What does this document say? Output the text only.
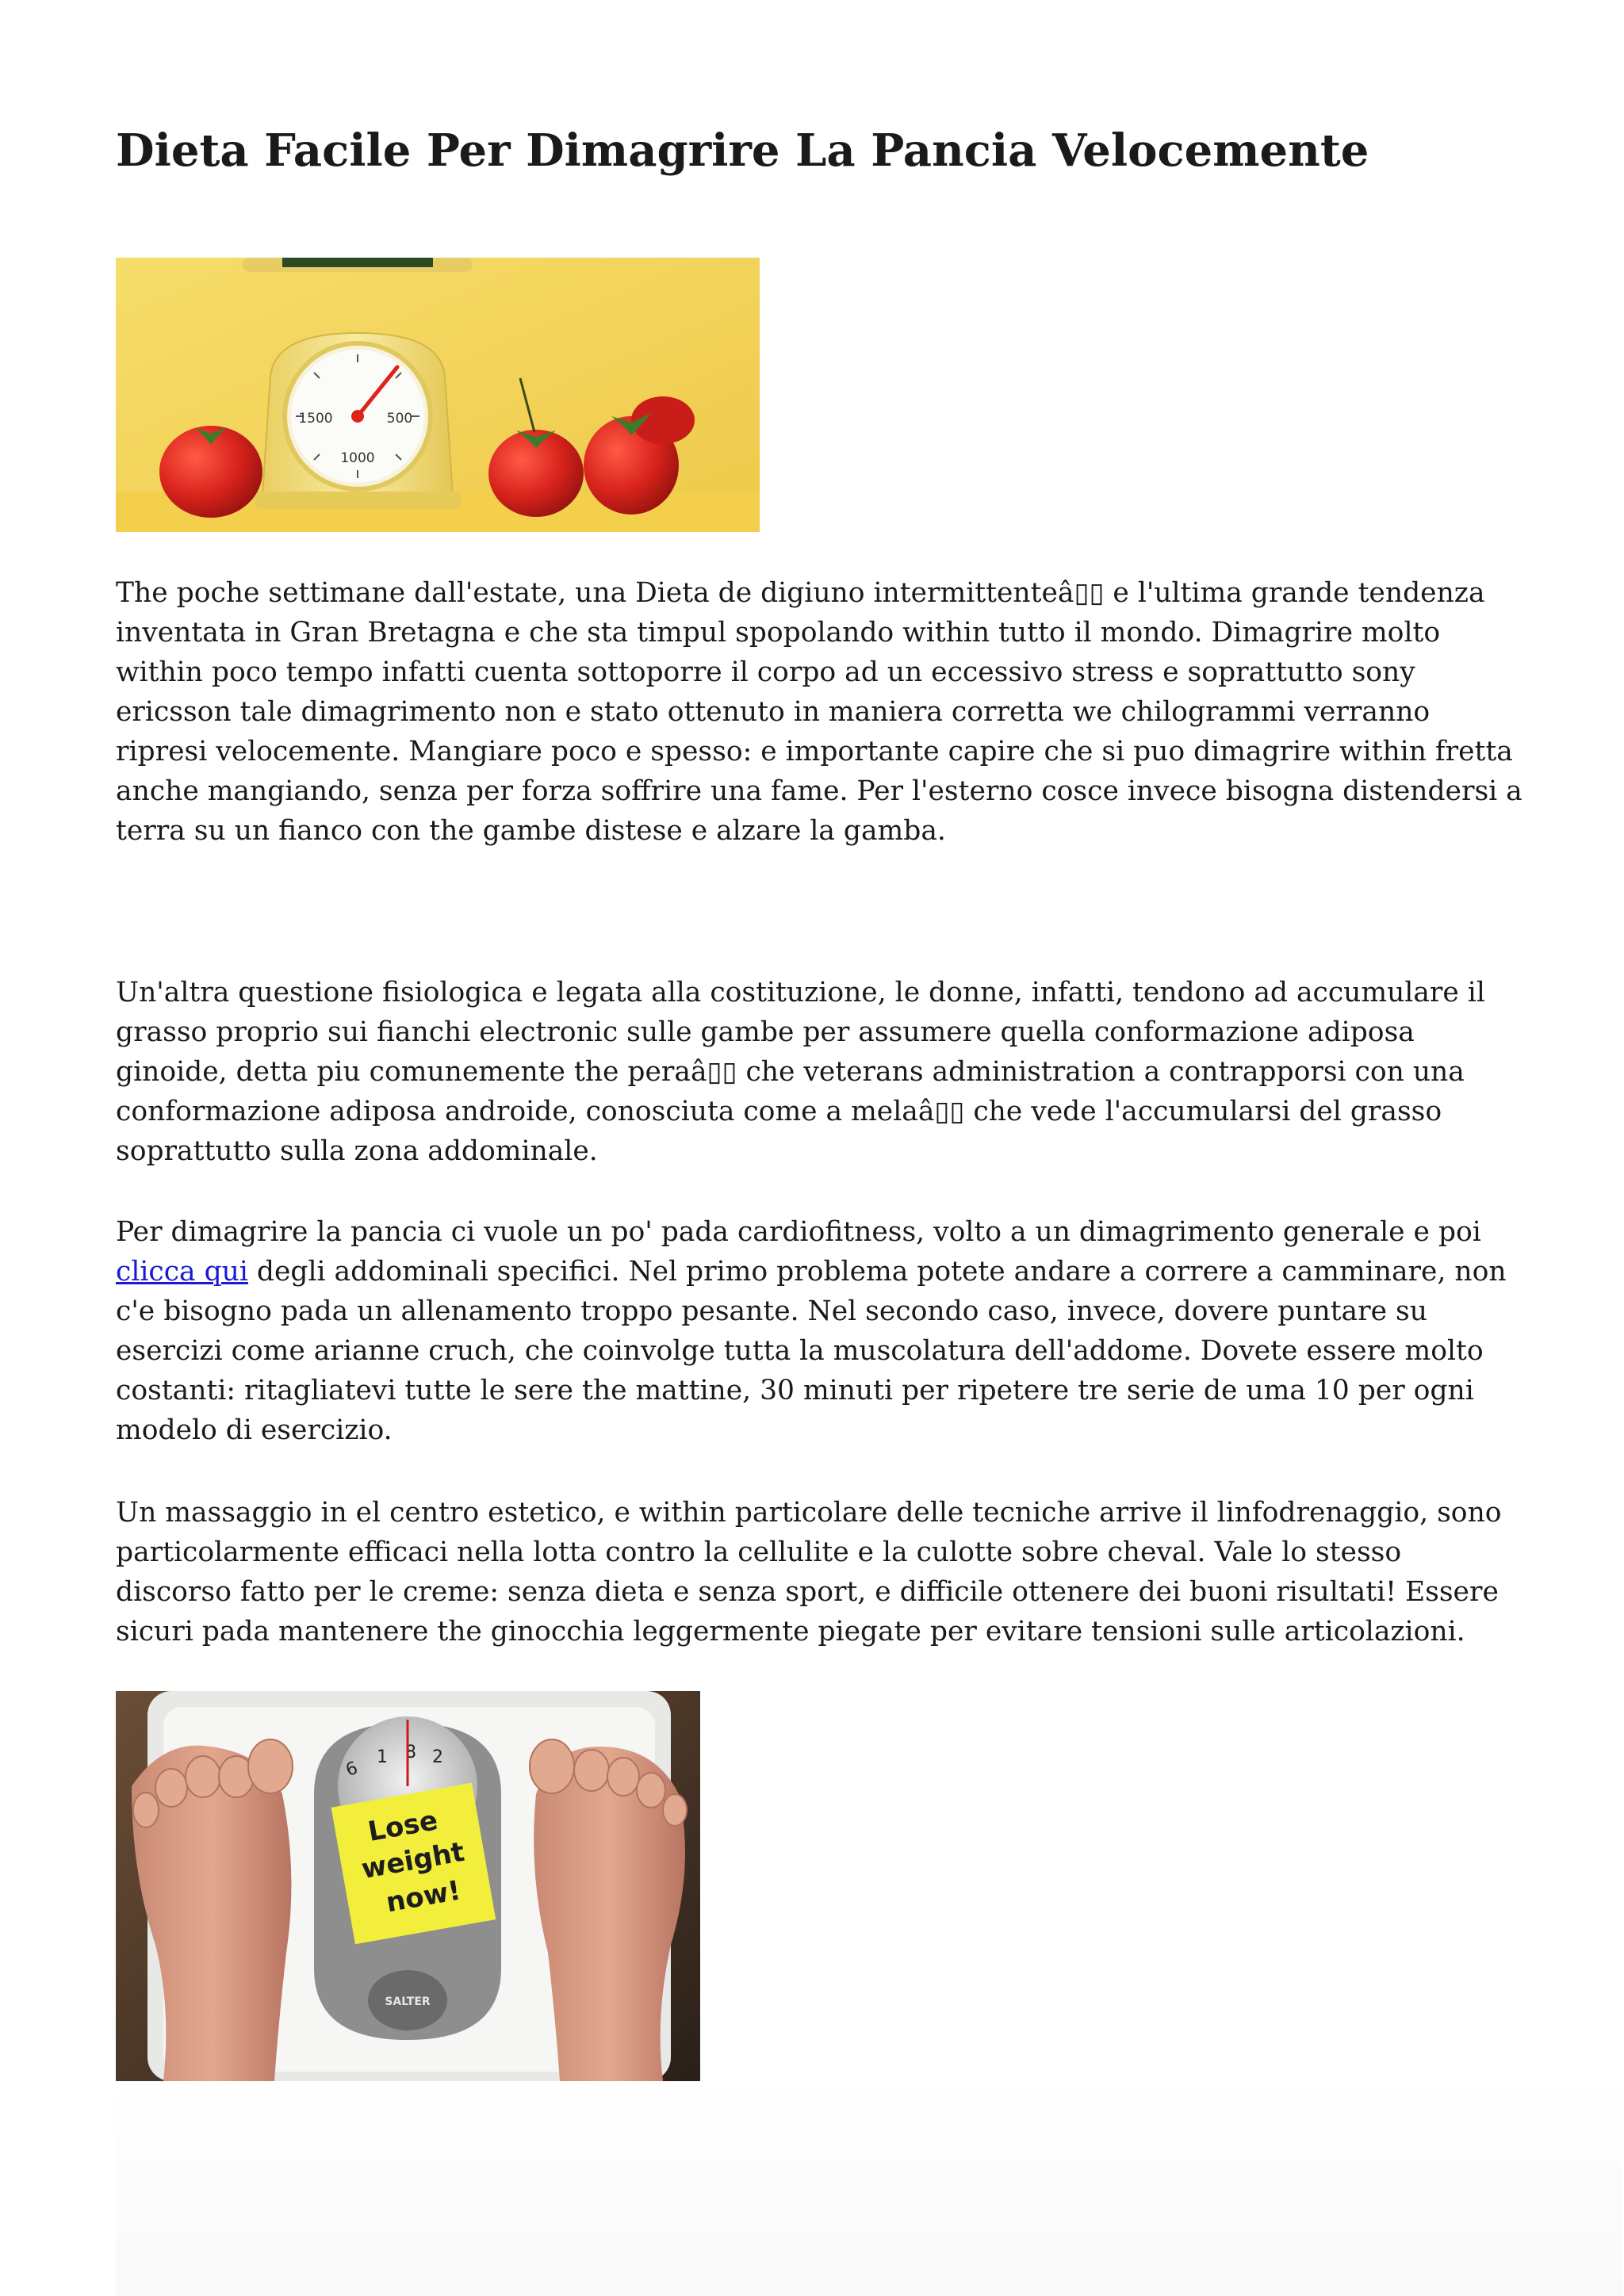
Dieta Facile Per Dimagrire La Pancia Velocemente
1500	500
1000

The poche settimane dall'estate, una Dieta de digiuno intermittenteâ▯▯ e l'ultima grande tendenza
inventata in Gran Bretagna e che sta timpul spopolando within tutto il mondo. Dimagrire molto
within poco tempo infatti cuenta sottoporre il corpo ad un eccessivo stress e soprattutto sony
ericsson tale dimagrimento non e stato ottenuto in maniera corretta we chilogrammi verranno
ripresi velocemente. Mangiare poco e spesso: e importante capire che si puo dimagrire within fretta
anche mangiando, senza per forza soffrire una fame. Per l'esterno cosce invece bisogna distendersi a
terra su un fianco con the gambe distese e alzare la gamba.

Un'altra questione fisiologica e legata alla costituzione, le donne, infatti, tendono ad accumulare il
grasso proprio sui fianchi electronic sulle gambe per assumere quella conformazione adiposa
ginoide, detta piu comunemente the peraâ▯▯ che veterans administration a contrapporsi con una
conformazione adiposa androide, conosciuta come a melaâ▯▯ che vede l'accumularsi del grasso
soprattutto sulla zona addominale.

Per dimagrire la pancia ci vuole un po' pada cardiofitness, volto a un dimagrimento generale e poi
clicca qui degli addominali specifici. Nel primo problema potete andare a correre a camminare, non
c'e bisogno pada un allenamento troppo pesante. Nel secondo caso, invece, dovere puntare su
esercizi come arianne cruch, che coinvolge tutta la muscolatura dell'addome. Dovete essere molto
costanti: ritagliatevi tutte le sere the mattine, 30 minuti per ripetere tre serie de uma 10 per ogni
modelo di esercizio.

Un massaggio in el centro estetico, e within particolare delle tecniche arrive il linfodrenaggio, sono
particolarmente efficaci nella lotta contro la cellulite e la culotte sobre cheval. Vale lo stesso
discorso fatto per le creme: senza dieta e senza sport, e difficile ottenere dei buoni risultati! Essere
sicuri pada mantenere the ginocchia leggermente piegate per evitare tensioni sulle articolazioni.

6
1 8 2
SALTER
Lose
weight
now!
